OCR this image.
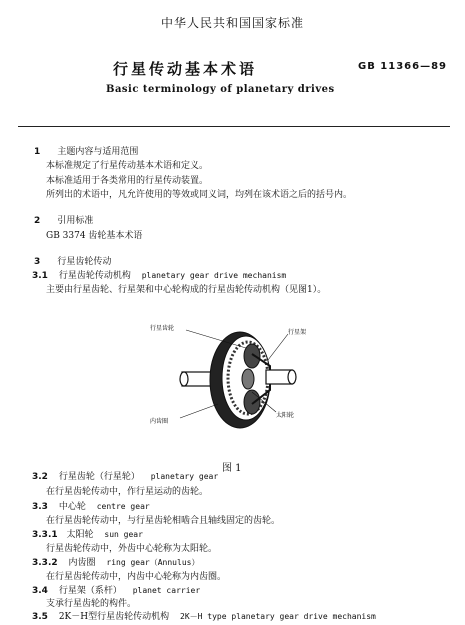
中华人民共和国国家标准
行星传动基本术语	GB 11366—89
Basic terminology of planetary drives
1 主题内容与适用范围
本标准规定了行星传动基本术语和定义。
本标准适用于各类常用的行星传动装置。
所列出的术语中，凡允许使用的等效或同义词，均列在该术语之后的括号内。
2 引用标准
GB 3374 齿轮基本术语
3 行星齿轮传动
3.1 行星齿轮传动机构 planetary gear drive mechanism
主要由行星齿轮、行星架和中心轮构成的行星齿轮传动机构（见图1）。
行星齿轮
行星架
内齿圈
太阳轮
图 1
3.2 行星齿轮（行星轮） planetary gear
在行星齿轮传动中，作行星运动的齿轮。
3.3 中心轮 centre gear
在行星齿轮传动中，与行星齿轮相啮合且轴线固定的齿轮。
3.3.1 太阳轮 sun gear
行星齿轮传动中，外齿中心轮称为太阳轮。
3.3.2 内齿圈 ring gear（Annulus）
在行星齿轮传动中，内齿中心轮称为内齿圈。
3.4 行星架（系杆） planet carrier
支承行星齿轮的构件。
3.5 2K－H型行星齿轮传动机构 2K－H type planetary gear drive mechanism
